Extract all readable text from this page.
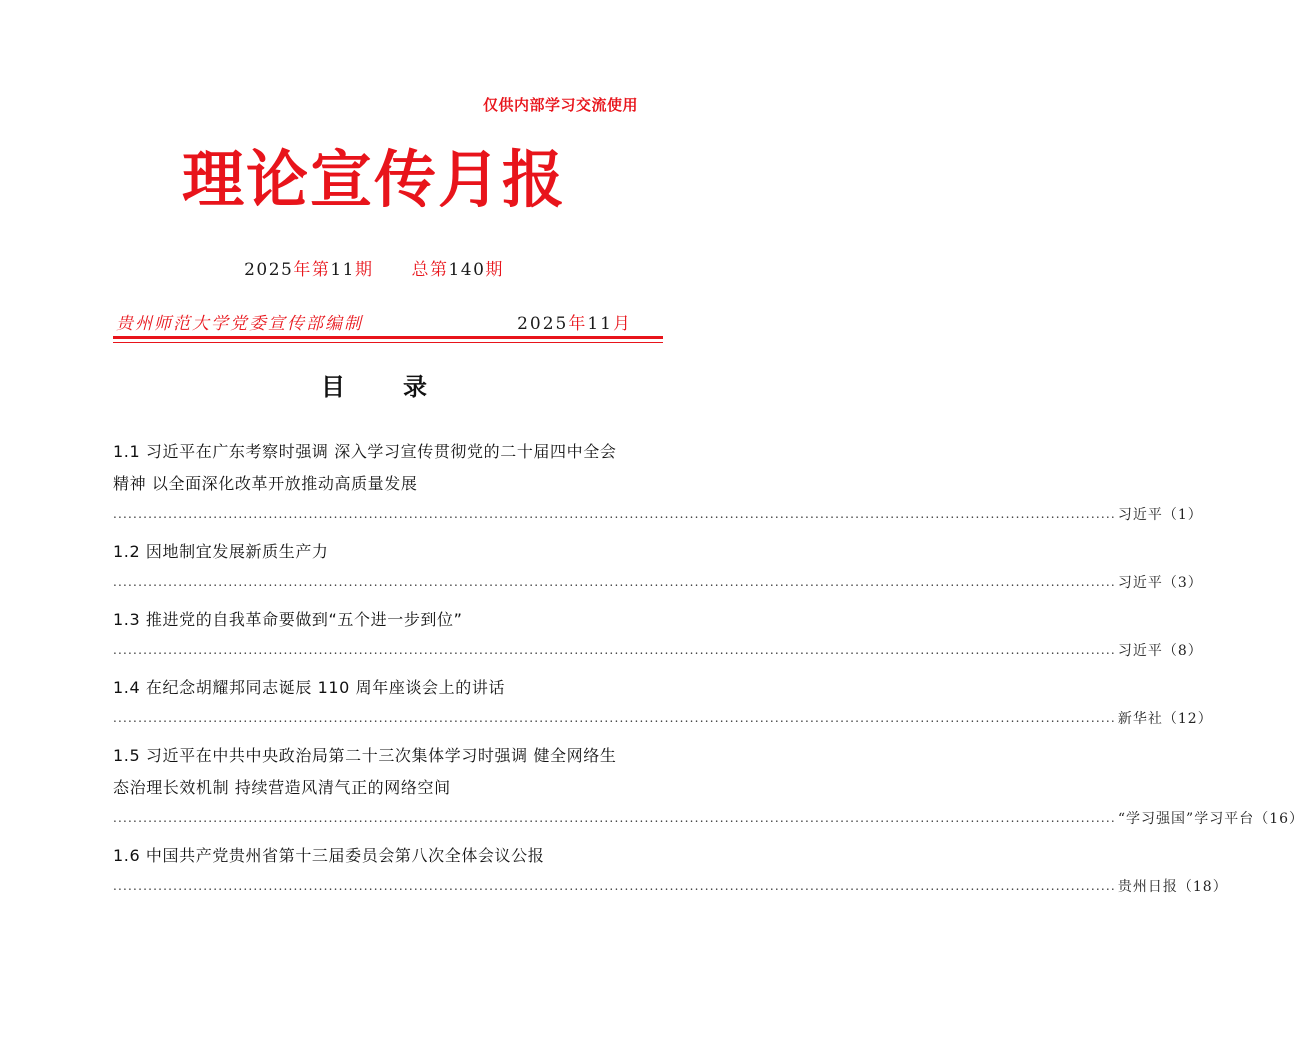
仅供内部学习交流使用
理论宣传月报
2025年第11期 总第140期
贵州师范大学党委宣传部编制	2025年11月
目录
1.1 习近平在广东考察时强调 深入学习宣传贯彻党的二十届四中全会精神 以全面深化改革开放推动高质量发展
........................................................................................................................................................................................................ 习近平（1）
1.2 因地制宜发展新质生产力
........................................................................................................................................................................................................ 习近平（3）
1.3 推进党的自我革命要做到“五个进一步到位”
........................................................................................................................................................................................................ 习近平（8）
1.4 在纪念胡耀邦同志诞辰 110 周年座谈会上的讲话
........................................................................................................................................................................................................ 新华社（12）
1.5 习近平在中共中央政治局第二十三次集体学习时强调 健全网络生态治理长效机制 持续营造风清气正的网络空间
........................................................................................................................................................................................................ “学习强国”学习平台（16）
1.6 中国共产党贵州省第十三届委员会第八次全体会议公报
........................................................................................................................................................................................................ 贵州日报（18）
